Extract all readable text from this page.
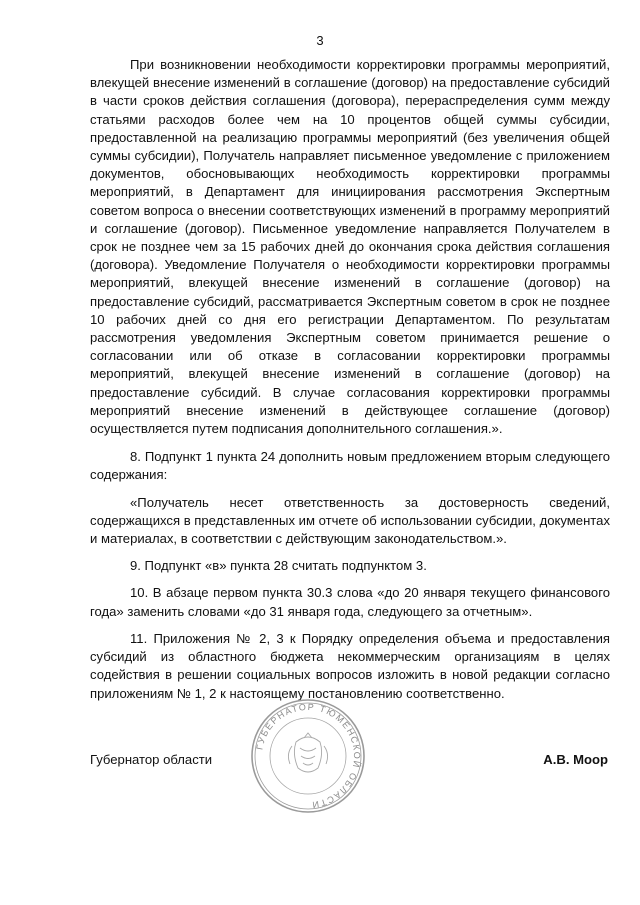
3

При возникновении необходимости корректировки программы мероприятий, влекущей внесение изменений в соглашение (договор) на предоставление субсидий в части сроков действия соглашения (договора), перераспределения сумм между статьями расходов более чем на 10 процентов общей суммы субсидии, предоставленной на реализацию программы мероприятий (без увеличения общей суммы субсидии), Получатель направляет письменное уведомление с приложением документов, обосновывающих необходимость корректировки программы мероприятий, в Департамент для инициирования рассмотрения Экспертным советом вопроса о внесении соответствующих изменений в программу мероприятий и соглашение (договор). Письменное уведомление направляется Получателем в срок не позднее чем за 15 рабочих дней до окончания срока действия соглашения (договора). Уведомление Получателя о необходимости корректировки программы мероприятий, влекущей внесение изменений в соглашение (договор) на предоставление субсидий, рассматривается Экспертным советом в срок не позднее 10 рабочих дней со дня его регистрации Департаментом. По результатам рассмотрения уведомления Экспертным советом принимается решение о согласовании или об отказе в согласовании корректировки программы мероприятий, влекущей внесение изменений в соглашение (договор) на предоставление субсидий. В случае согласования корректировки программы мероприятий внесение изменений в действующее соглашение (договор) осуществляется путем подписания дополнительного соглашения.».

8. Подпункт 1 пункта 24 дополнить новым предложением вторым следующего содержания:

«Получатель несет ответственность за достоверность сведений, содержащихся в представленных им отчете об использовании субсидии, документах и материалах, в соответствии с действующим законодательством.».

9. Подпункт «в» пункта 28 считать подпунктом 3.

10. В абзаце первом пункта 30.3 слова «до 20 января текущего финансового года» заменить словами «до 31 января года, следующего за отчетным».

11. Приложения № 2, 3 к Порядку определения объема и предоставления субсидий из областного бюджета некоммерческим организациям в целях содействия в решении социальных вопросов изложить в новой редакции согласно приложениям № 1, 2 к настоящему постановлению соответственно.

Губернатор области	А.В. Моор
ГУБЕРНАТОР ТЮМЕНСКОЙ ОБЛАСТИ
